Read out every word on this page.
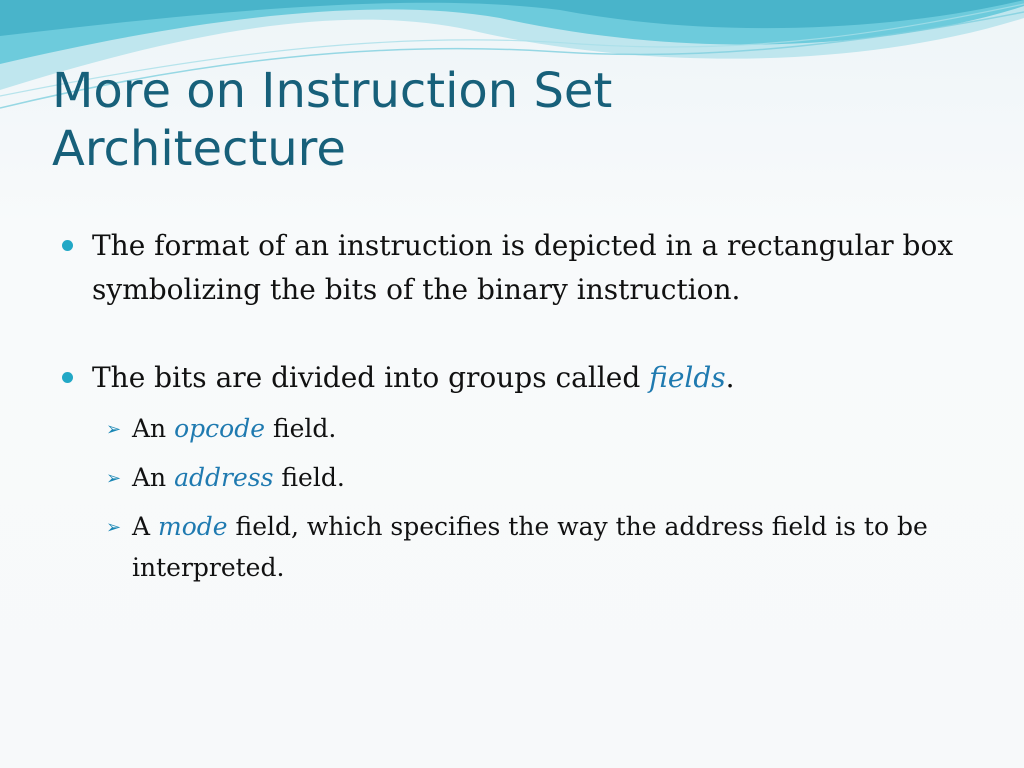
More on Instruction Set
Architecture
The format of an instruction is depicted in a rectangular box symbolizing the bits of the binary instruction.
The bits are divided into groups called fields.
➢ An opcode field.
➢ An address field.
➢ A mode field, which specifies the way the address field is to be interpreted.
